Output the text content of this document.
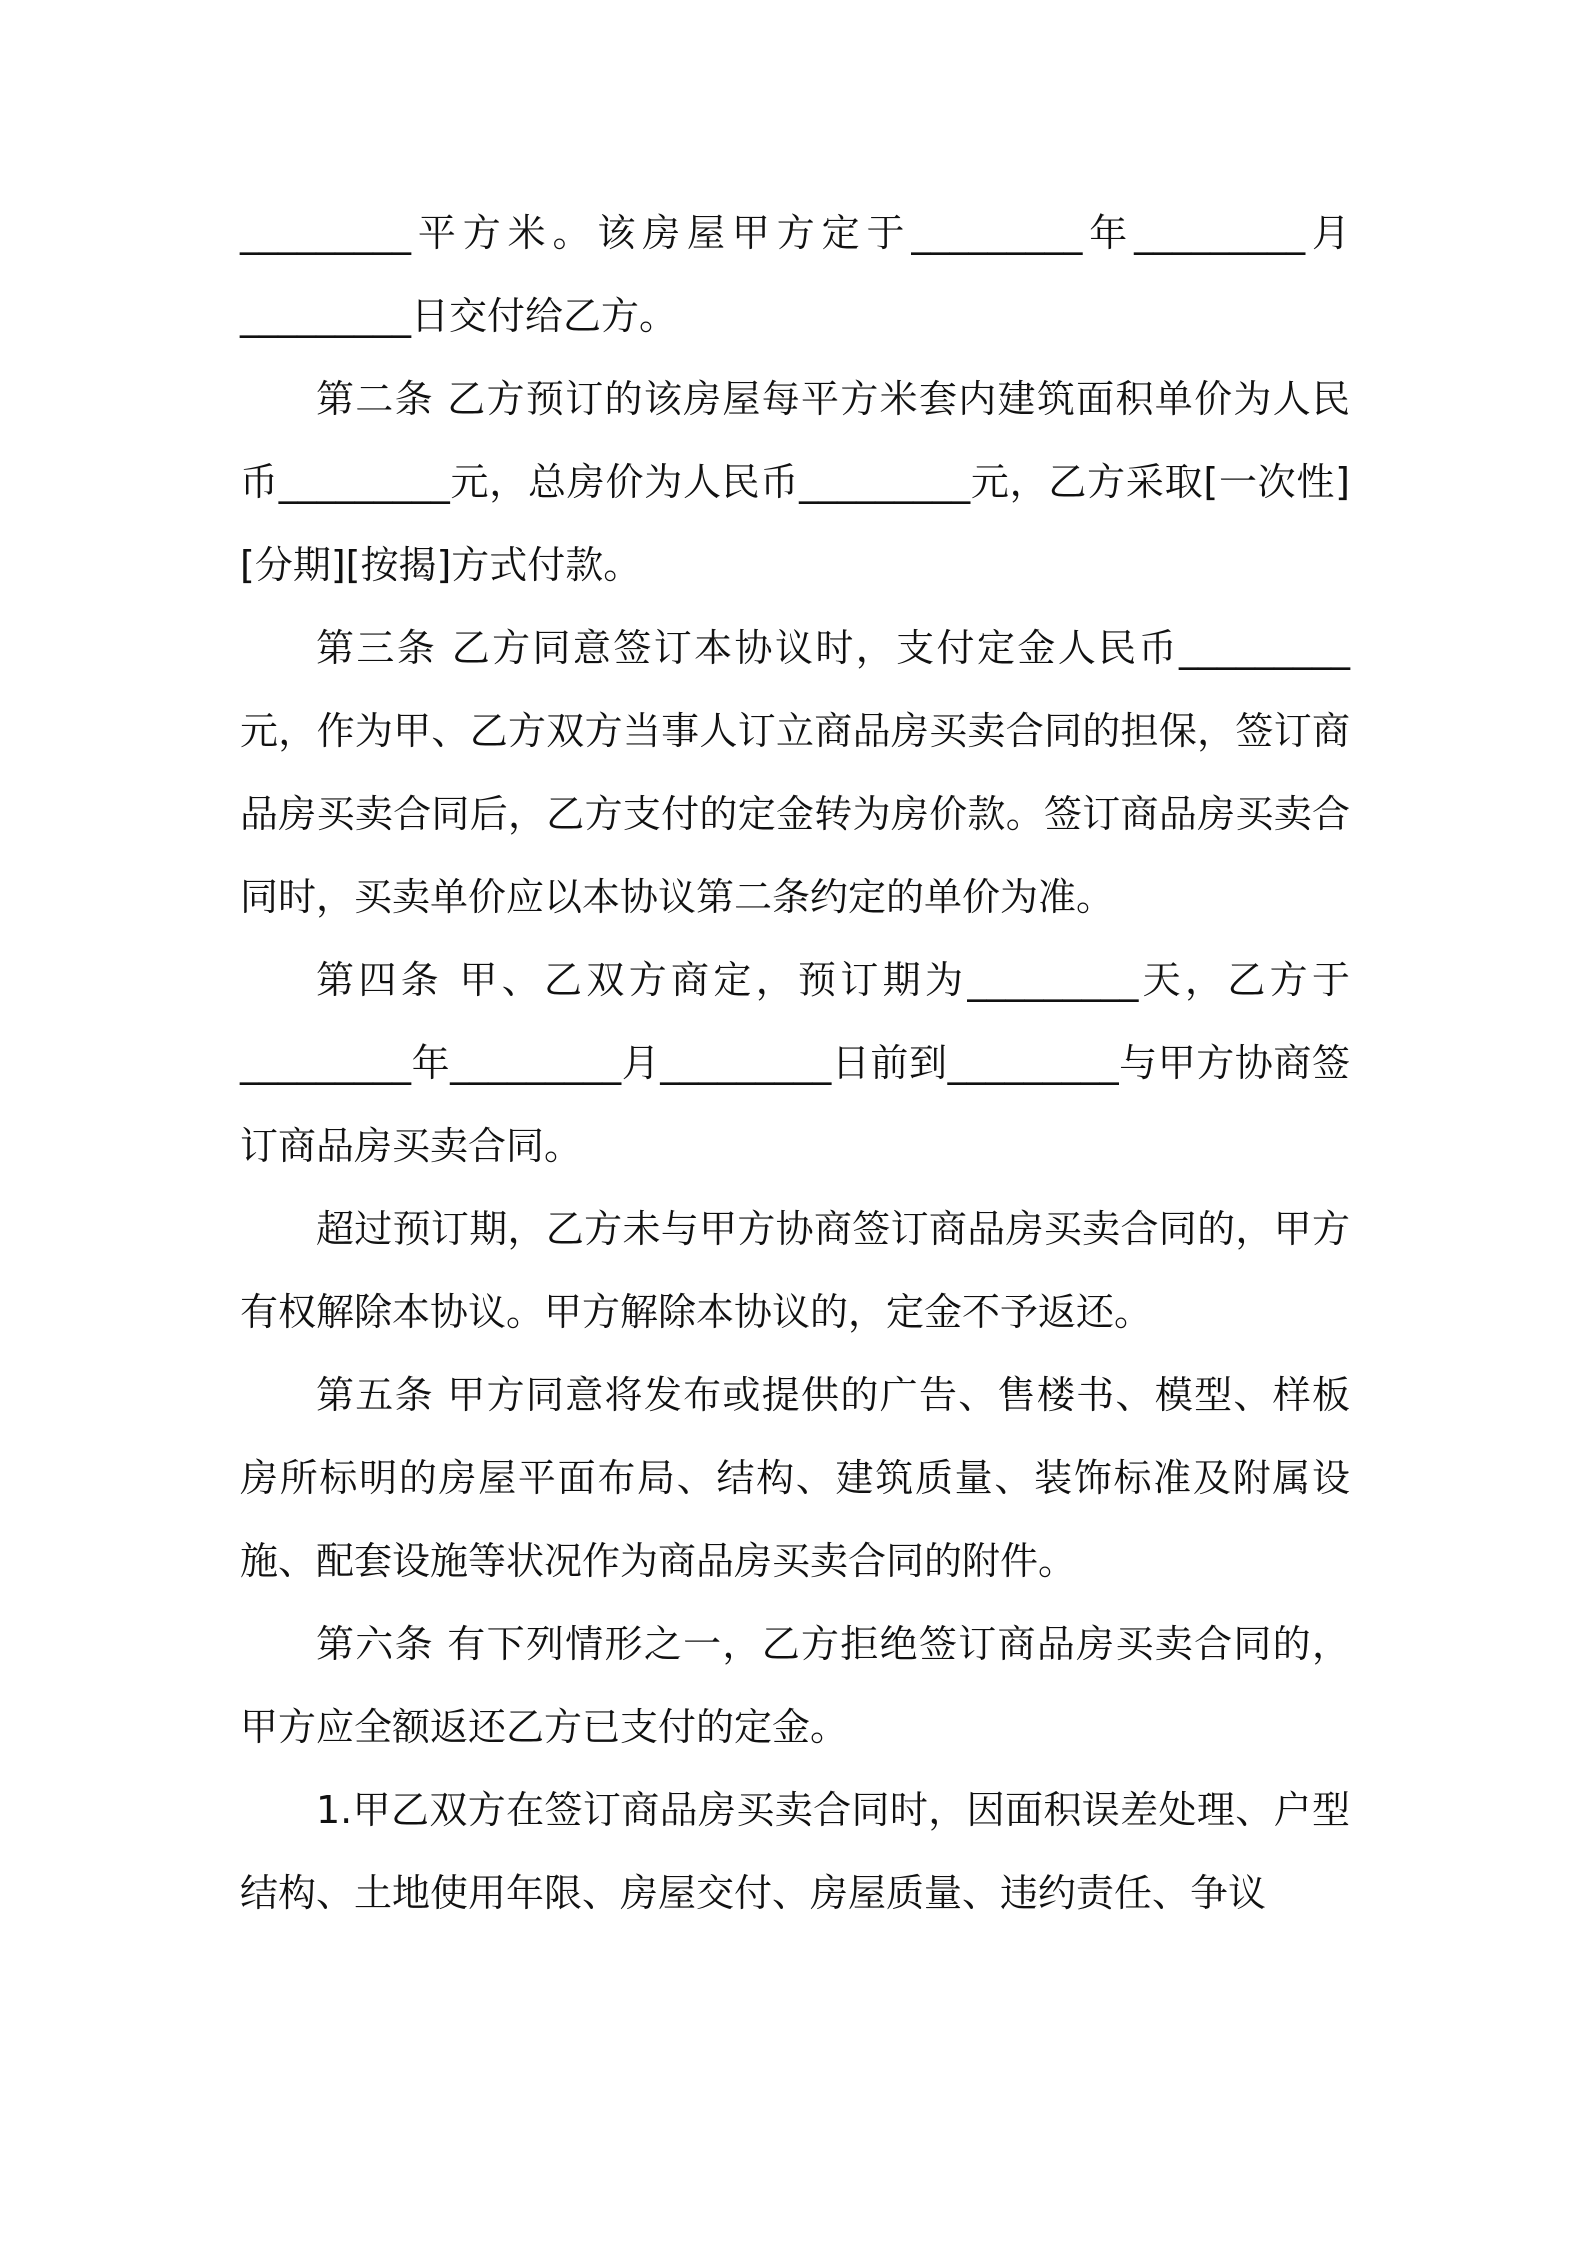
_________平方米。该房屋甲方定于_________年_________月_________日交付给乙方。

第二条 乙方预订的该房屋每平方米套内建筑面积单价为人民币_________元，总房价为人民币_________元，乙方采取[一次性][分期][按揭]方式付款。

第三条 乙方同意签订本协议时，支付定金人民币_________元，作为甲、乙方双方当事人订立商品房买卖合同的担保，签订商品房买卖合同后，乙方支付的定金转为房价款。签订商品房买卖合同时，买卖单价应以本协议第二条约定的单价为准。

第四条 甲、乙双方商定，预订期为_________天，乙方于_________年_________月_________日前到_________与甲方协商签订商品房买卖合同。

超过预订期，乙方未与甲方协商签订商品房买卖合同的，甲方有权解除本协议。甲方解除本协议的，定金不予返还。

第五条 甲方同意将发布或提供的广告、售楼书、模型、样板房所标明的房屋平面布局、结构、建筑质量、装饰标准及附属设施、配套设施等状况作为商品房买卖合同的附件。

第六条 有下列情形之一，乙方拒绝签订商品房买卖合同的，甲方应全额返还乙方已支付的定金。

1.甲乙双方在签订商品房买卖合同时，因面积误差处理、户型结构、土地使用年限、房屋交付、房屋质量、违约责任、争议
